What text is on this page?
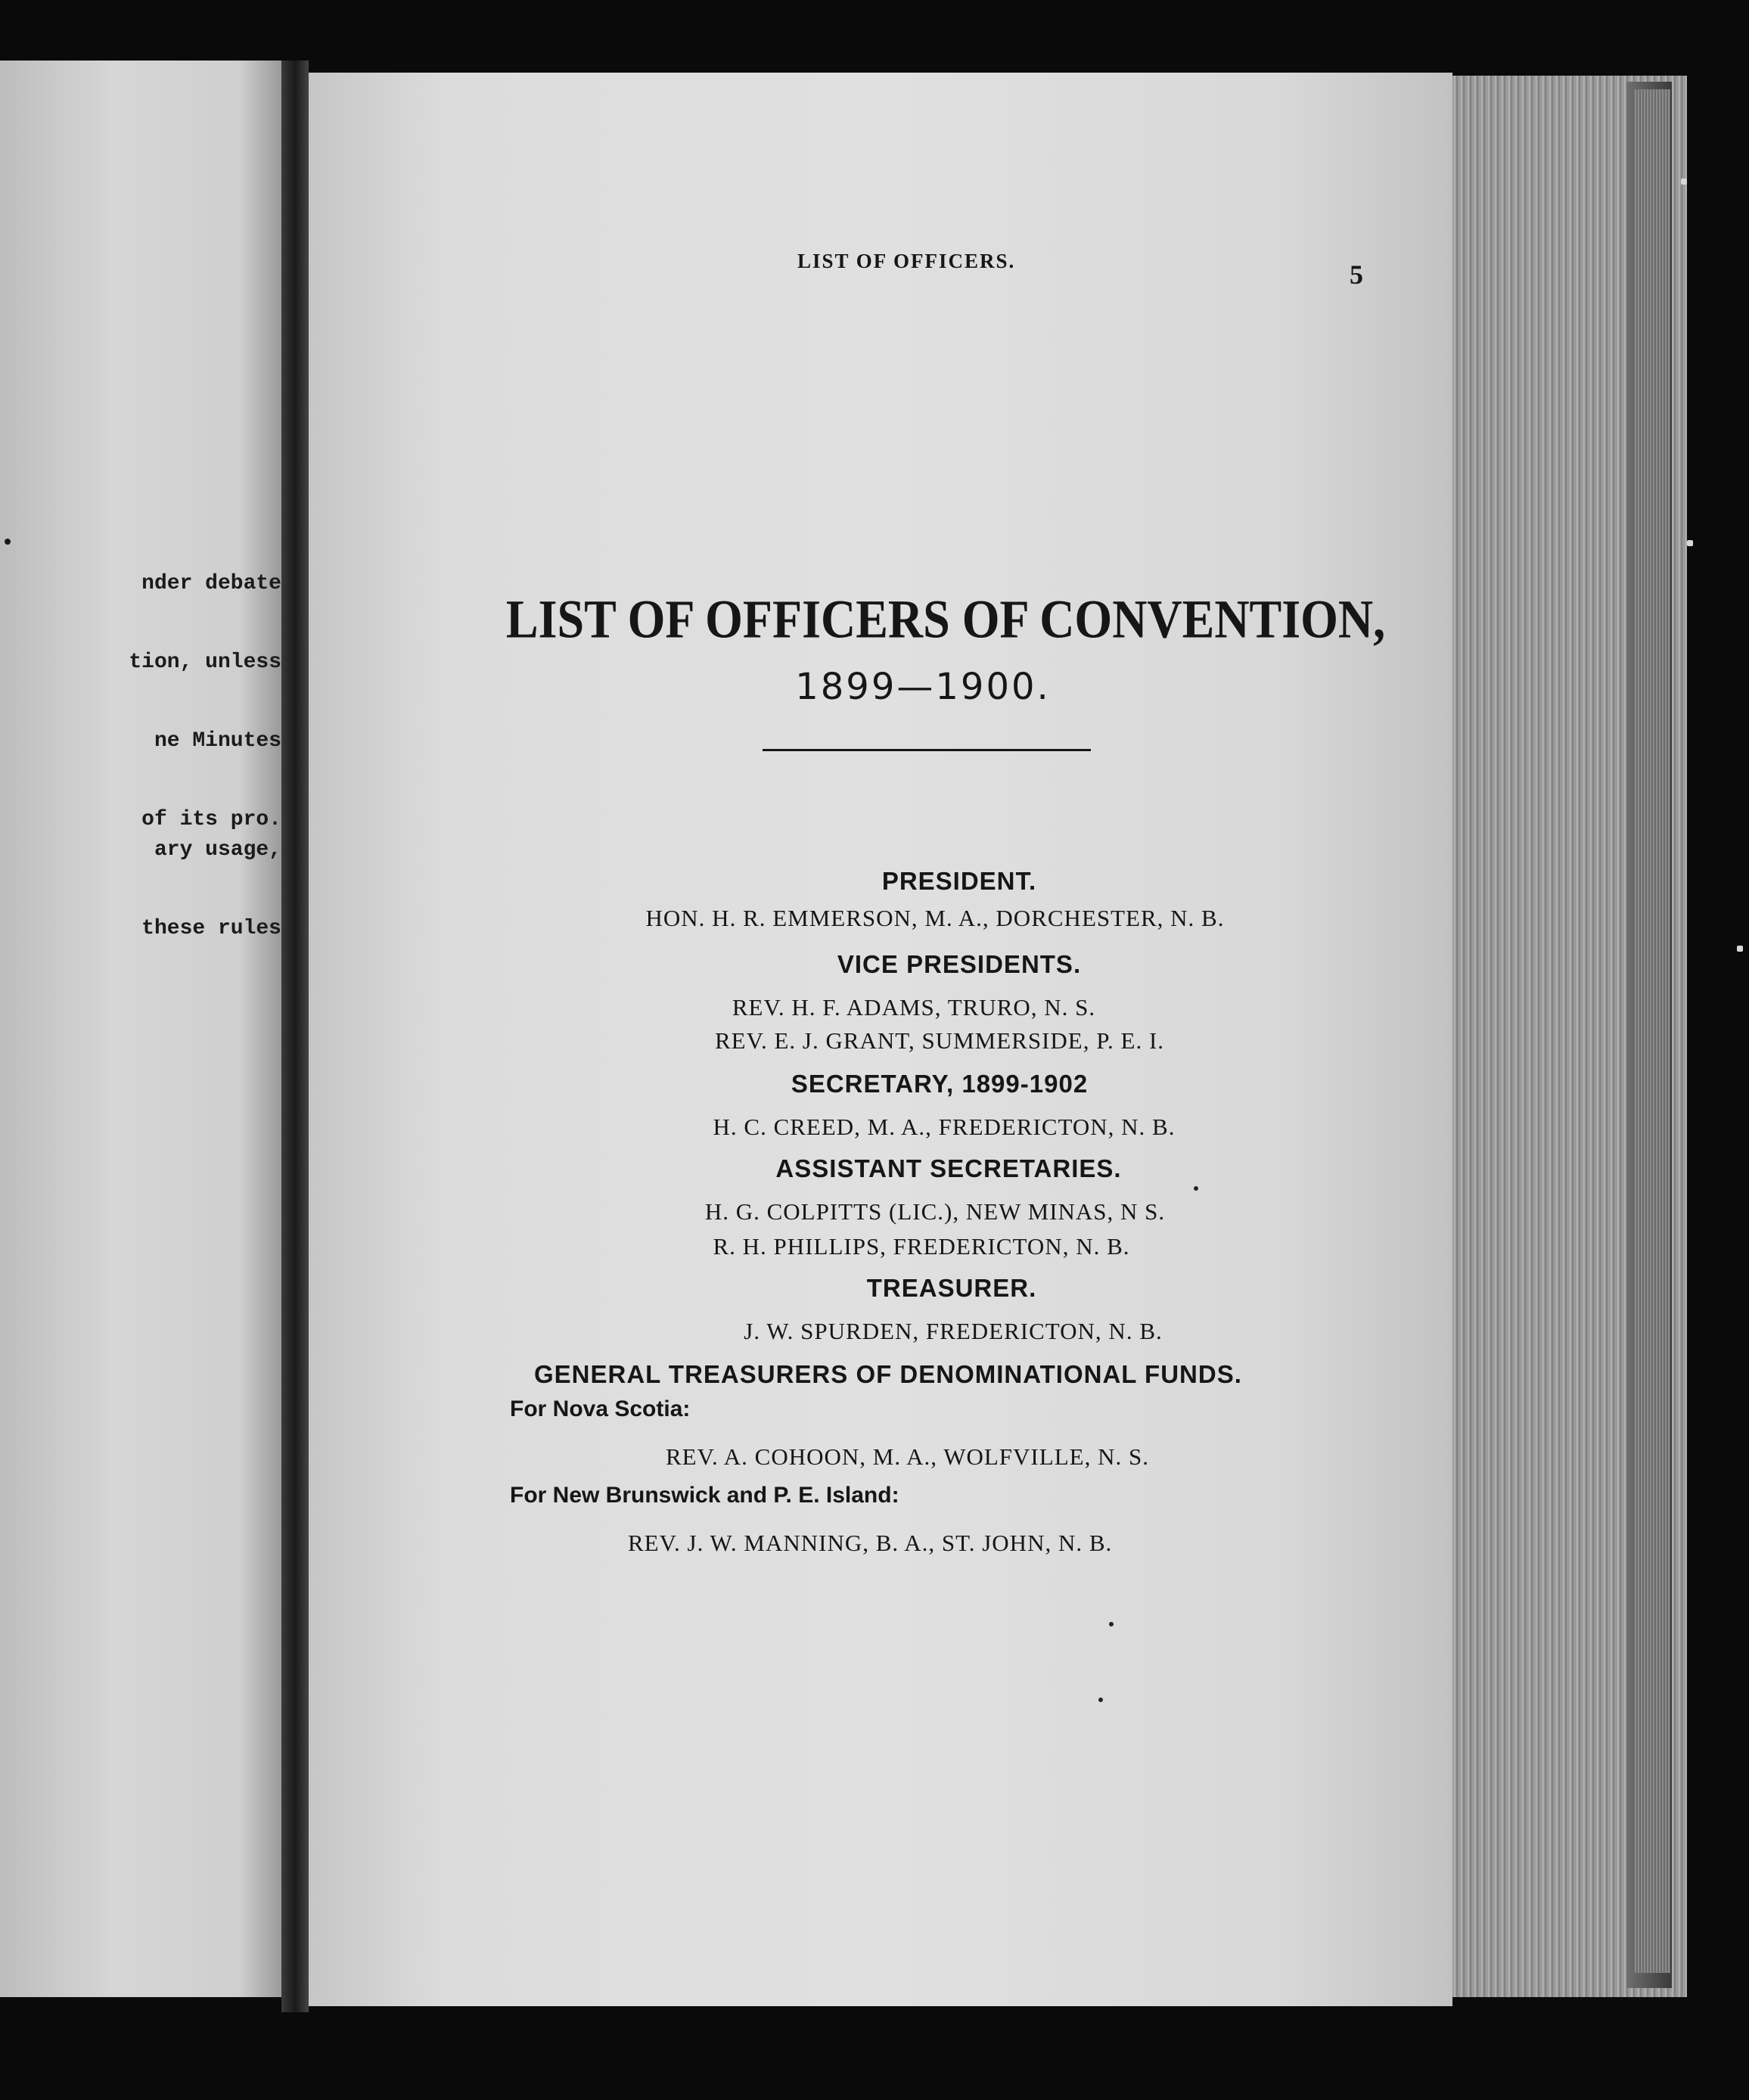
nder debate
tion, unless
ne Minutes
of its pro.
ary usage,
these rules
LIST OF OFFICERS.	5
LIST OF OFFICERS OF CONVENTION,
1899—1900.
PRESIDENT.
HON. H. R. EMMERSON, M. A., DORCHESTER, N. B.
VICE PRESIDENTS.
REV. H. F. ADAMS, TRURO, N. S.
REV. E. J. GRANT, SUMMERSIDE, P. E. I.
SECRETARY, 1899-1902
H. C. CREED, M. A., FREDERICTON, N. B.
ASSISTANT SECRETARIES.
H. G. COLPITTS (LIC.), NEW MINAS, N S.
R. H. PHILLIPS, FREDERICTON, N. B.
TREASURER.
J. W. SPURDEN, FREDERICTON, N. B.
GENERAL TREASURERS OF DENOMINATIONAL FUNDS.
For Nova Scotia:
REV. A. COHOON, M. A., WOLFVILLE, N. S.
For New Brunswick and P. E. Island:
REV. J. W. MANNING, B. A., ST. JOHN, N. B.
